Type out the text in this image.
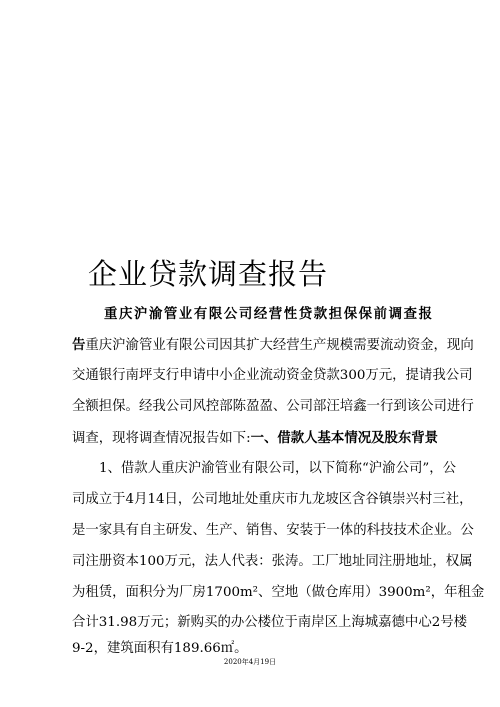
企业贷款调查报告
重庆沪渝管业有限公司经营性贷款担保保前调查报
告重庆沪渝管业有限公司因其扩大经营生产规模需要流动资金，现向
交通银行南坪支行申请中小企业流动资金贷款300万元，提请我公司
全额担保。经我公司风控部陈盈盈、公司部汪培鑫一行到该公司进行
调查，现将调查情况报告如下:一、借款人基本情况及股东背景
1、借款人重庆沪渝管业有限公司，以下简称“沪渝公司”，公
司成立于4月14日，公司地址处重庆市九龙坡区含谷镇崇兴村三社，
是一家具有自主研发、生产、销售、安装于一体的科技技术企业。公
司注册资本100万元，法人代表：张涛。工厂地址同注册地址，权属
为租赁，面积分为厂房1700m²、空地（做仓库用）3900m²，年租金
合计31.98万元；新购买的办公楼位于南岸区上海城嘉德中心2号楼
9-2，建筑面积有189.66㎡。
2020年4月19日
